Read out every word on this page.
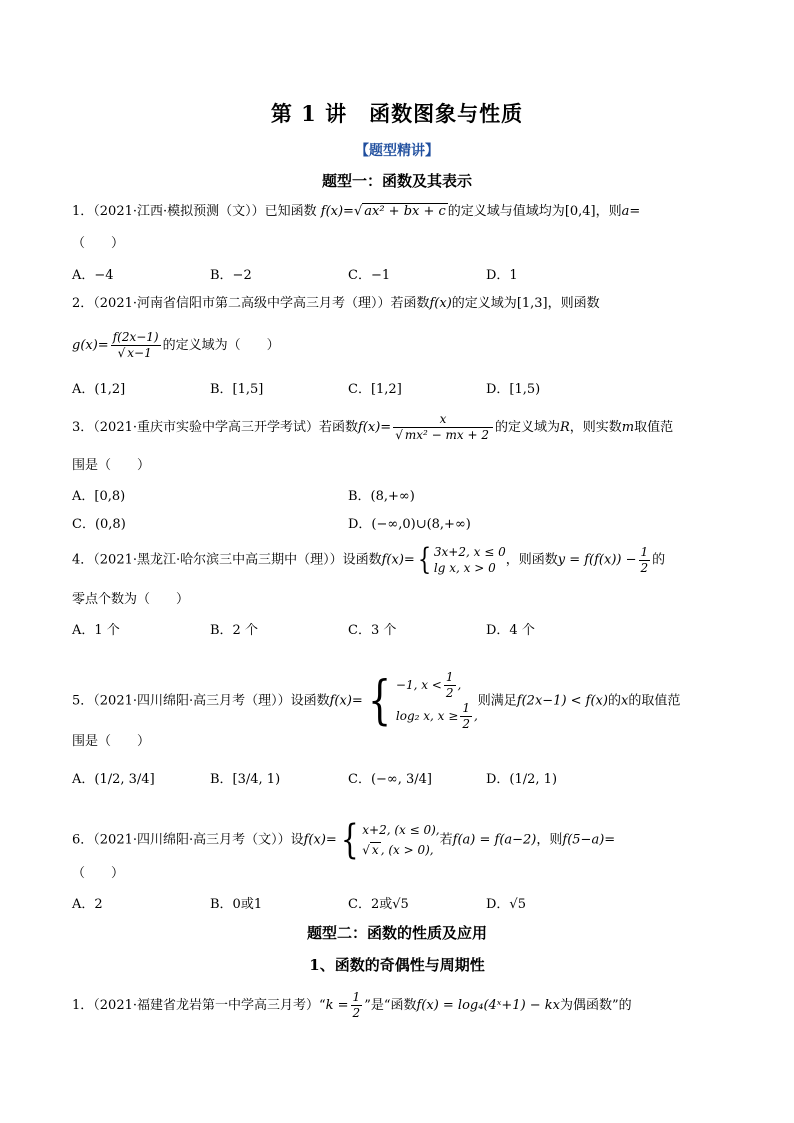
第 1 讲　函数图象与性质
【题型精讲】
题型一：函数及其表示
1．（2021·江西·模拟预测（文））已知函数 f(x)=√ ax² + bx + c 的定义域与值域均为[0,4]，则a=
（　　）
A．−4	B．−2	C．−1	D．1
2．（2021·河南省信阳市第二高级中学高三月考（理））若函数f(x)的定义域为[1,3]，则函数
$g(x)= \frac{f(2x-1)}{√ x-1}$ 的定义域为（　　）
A．(1,2]	B．[1,5]	C．[1,2]	D．[1,5)
3．（2021·重庆市实验中学高三开学考试）若函数$f(x)= \frac{x}{\text{√ mx² − mx + 2}}$ 的定义域为R，则实数m取值范
围是（　　）
A．[0,8)	B．(8,+∞)
C．(0,8)	D．(−∞,0)∪(8,+∞)
4．（2021·黑龙江·哈尔滨三中高三期中（理））设函数f(x)={ 3x+2, x ≤ 0
lg x, x > 0
，则函数$y = f(f(x)) - \frac{1}{2}$ 的
零点个数为（　　）
A．1 个	B．2 个	C．3 个	D．4 个
5．（2021·四川绵阳·高三月考（理））设函数f(x)={ −1, $x < \frac{1}{2}$ ,
log₂ x, $x \ge \frac{1}{2}$ ,
则满足f(2x−1) < f(x)的x的取值范
围是（　　）
A．(1/2, 3/4]	B．[3/4, 1)	C．(−∞, 3/4]	D．(1/2, 1)
6．（2021·四川绵阳·高三月考（文））设f(x)={ x+2, (x ≤ 0),
√ x , (x > 0),
若f(a) = f(a−2)，则f(5−a)=
（　　）
A．2	B．0或1	C．2或√5	D．√5
题型二：函数的性质及应用
1、函数的奇偶性与周期性
1．（2021·福建省龙岩第一中学高三月考）“k = $\frac{1}{2}$ ”是“函数f(x) = log₄(4ˣ+1) − kx为偶函数”的
